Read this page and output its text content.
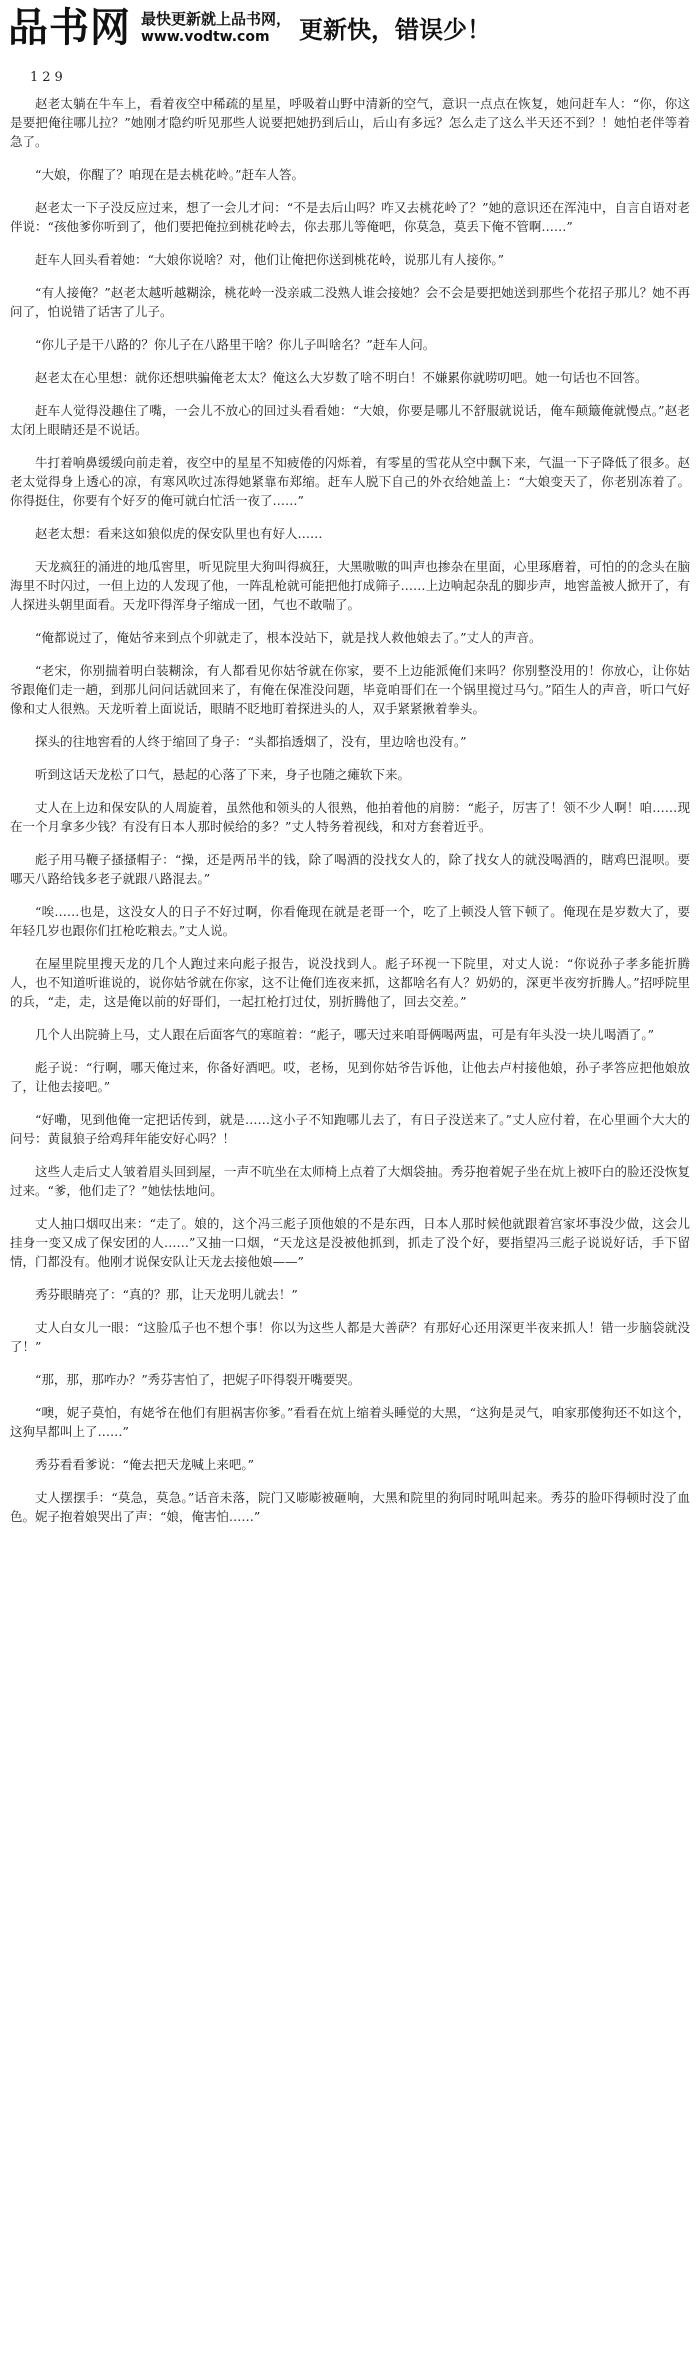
品书网 最快更新就上品书网，
www.vodtw.com	更新快，错误少！
129

赵老太躺在牛车上，看着夜空中稀疏的星星，呼吸着山野中清新的空气，意识一点点在恢复，她问赶车人：“你，你这是要把俺往哪儿拉？”她刚才隐约听见那些人说要把她扔到后山，后山有多远？怎么走了这么半天还不到？！她怕老伴等着急了。

“大娘，你醒了？咱现在是去桃花岭。”赶车人答。

赵老太一下子没反应过来，想了一会儿才问：“不是去后山吗？咋又去桃花岭了？”她的意识还在浑沌中，自言自语对老伴说：“孩他爹你听到了，他们要把俺拉到桃花岭去，你去那儿等俺吧，你莫急，莫丢下俺不管啊……”

赶车人回头看着她：“大娘你说啥？对，他们让俺把你送到桃花岭，说那儿有人接你。”

“有人接俺？”赵老太越听越糊涂，桃花岭一没亲戚二没熟人谁会接她？会不会是要把她送到那些个花招子那儿？她不再问了，怕说错了话害了儿子。

“你儿子是干八路的？你儿子在八路里干啥？你儿子叫啥名？”赶车人问。

赵老太在心里想：就你还想哄骗俺老太太？俺这么大岁数了啥不明白！不嫌累你就唠叨吧。她一句话也不回答。

赶车人觉得没趣住了嘴，一会儿不放心的回过头看看她：“大娘，你要是哪儿不舒服就说话，俺车颠簸俺就慢点。”赵老太闭上眼睛还是不说话。

牛打着响鼻缓缓向前走着，夜空中的星星不知疲倦的闪烁着，有零星的雪花从空中飘下来，气温一下子降低了很多。赵老太觉得身上透心的凉，有寒风吹过冻得她紧靠布郑缩。赶车人脱下自己的外衣给她盖上：“大娘变天了，你老别冻着了。你得挺住，你要有个好歹的俺可就白忙活一夜了……”

赵老太想：看来这如狼似虎的保安队里也有好人……

天龙疯狂的涌进的地瓜窖里，听见院里大狗叫得疯狂，大黑嗷嗷的叫声也掺杂在里面，心里琢磨着，可怕的的念头在脑海里不时闪过，一但上边的人发现了他，一阵乱枪就可能把他打成筛子……上边响起杂乱的脚步声，地窖盖被人掀开了，有人探进头朝里面看。天龙吓得浑身子缩成一团，气也不敢喘了。

“俺都说过了，俺姑爷来到点个卯就走了，根本没站下，就是找人救他娘去了。”丈人的声音。

“老宋，你别揣着明白装糊涂，有人都看见你姑爷就在你家，要不上边能派俺们来吗？你别整没用的！你放心，让你姑爷跟俺们走一趟，到那儿问问话就回来了，有俺在保准没问题，毕竟咱哥们在一个锅里搅过马勺。”陌生人的声音，听口气好像和丈人很熟。天龙听着上面说话，眼睛不眨地盯着探进头的人，双手紧紧揪着拳头。

探头的往地窖看的人终于缩回了身子：“头都掐透烟了，没有，里边啥也没有。”

听到这话天龙松了口气，悬起的心落了下来，身子也随之瘫软下来。

丈人在上边和保安队的人周旋着，虽然他和领头的人很熟，他拍着他的肩膀：“彪子，厉害了！领不少人啊！咱……现在一个月拿多少钱？有没有日本人那时候给的多？”丈人特务着视线，和对方套着近乎。

彪子用马鞭子搔搔帽子：“操，还是两吊半的钱，除了喝酒的没找女人的，除了找女人的就没喝酒的，瞎鸡巴混呗。要哪天八路给钱多老子就跟八路混去。”

“唉……也是，这没女人的日子不好过啊，你看俺现在就是老哥一个，吃了上顿没人管下顿了。俺现在是岁数大了，要年轻几岁也跟你们扛枪吃粮去。”丈人说。

在屋里院里搜天龙的几个人跑过来向彪子报告，说没找到人。彪子环视一下院里，对丈人说：“你说孙子孝多能折腾人，也不知道听谁说的，说你姑爷就在你家，这不让俺们连夜来抓，这都啥名有人？奶奶的，深更半夜穷折腾人。”招呼院里的兵，“走，走，这是俺以前的好哥们，一起扛枪打过仗，别折腾他了，回去交差。”

几个人出院骑上马，丈人跟在后面客气的寒暄着：“彪子，哪天过来咱哥俩喝两盅，可是有年头没一块儿喝酒了。”

彪子说：“行啊，哪天俺过来，你备好酒吧。哎，老杨，见到你姑爷告诉他，让他去卢村接他娘，孙子孝答应把他娘放了，让他去接吧。”

“好嘞，见到他俺一定把话传到，就是……这小子不知跑哪儿去了，有日子没送来了。”丈人应付着，在心里画个大大的问号：黄鼠狼子给鸡拜年能安好心吗？！

这些人走后丈人皱着眉头回到屋，一声不吭坐在太师椅上点着了大烟袋抽。秀芬抱着妮子坐在炕上被吓白的脸还没恢复过来。“爹，他们走了？”她怯怯地问。

丈人抽口烟叹出来：“走了。娘的，这个冯三彪子顶他娘的不是东西，日本人那时候他就跟着宫家坏事没少做，这会儿挂身一变又成了保安团的人……”又抽一口烟，“天龙这是没被他抓到，抓走了没个好，要指望冯三彪子说说好话，手下留情，门都没有。他刚才说保安队让天龙去接他娘——”

秀芬眼睛亮了：“真的？那，让天龙明儿就去！”

丈人白女儿一眼：“这脸瓜子也不想个事！你以为这些人都是大善萨？有那好心还用深更半夜来抓人！错一步脑袋就没了！”

“那，那，那咋办？”秀芬害怕了，把妮子吓得裂开嘴要哭。

“噢，妮子莫怕，有姥爷在他们有胆祸害你爹。”看看在炕上缩着头睡觉的大黑，“这狗是灵气，咱家那傻狗还不如这个，这狗早都叫上了……”

秀芬看看爹说：“俺去把天龙喊上来吧。”

丈人摆摆手：“莫急，莫急。”话音未落，院门又嘭嘭被砸响，大黑和院里的狗同时吼叫起来。秀芬的脸吓得顿时没了血色。妮子抱着娘哭出了声：“娘，俺害怕……”
